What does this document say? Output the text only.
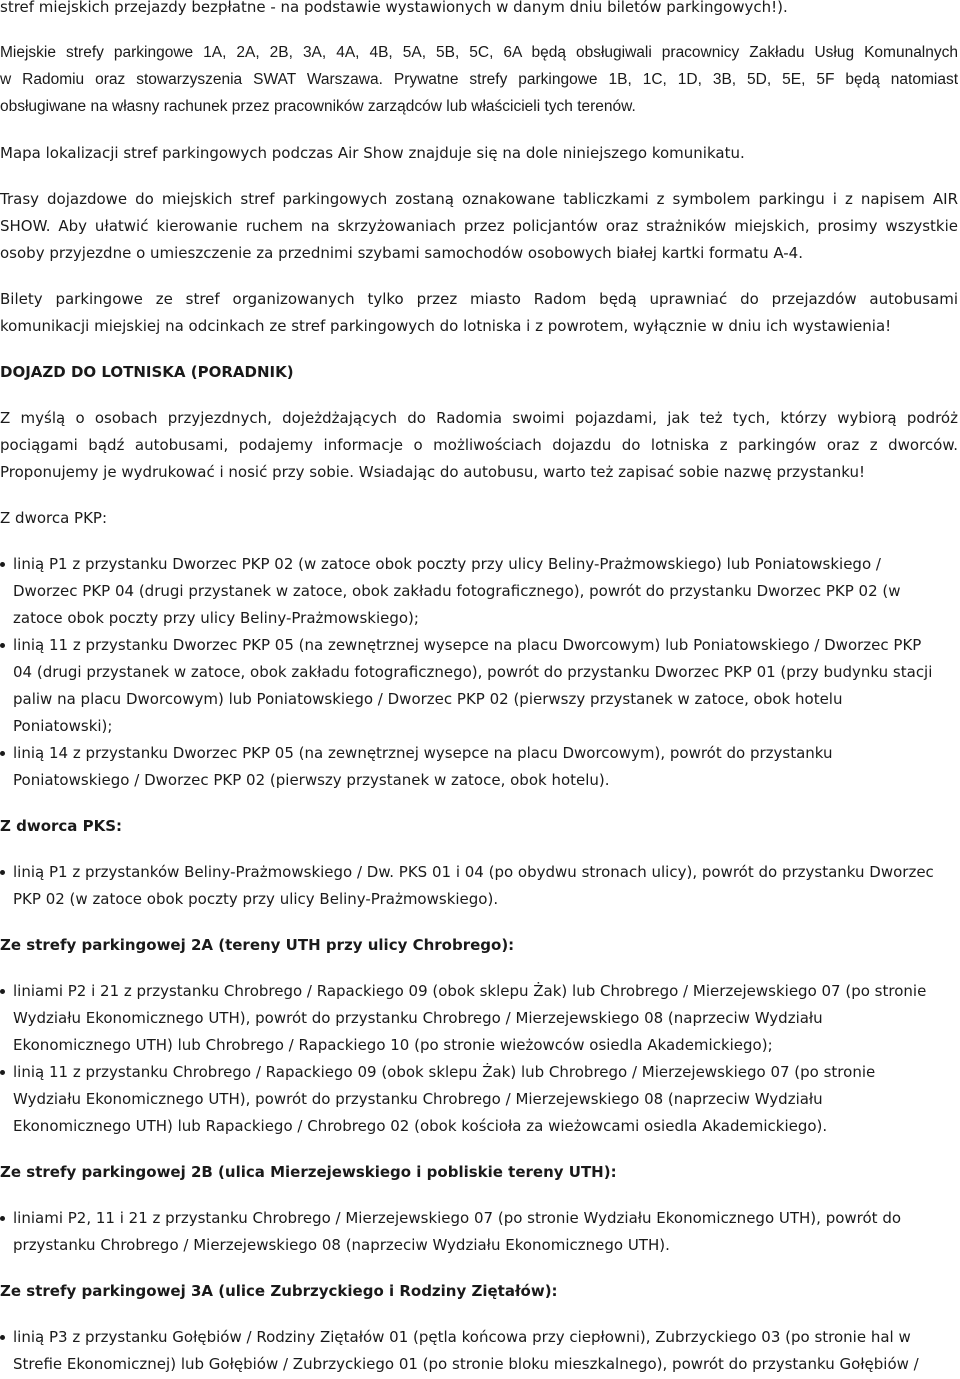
stref miejskich przejazdy bezpłatne - na podstawie wystawionych w danym dniu biletów parkingowych!).
Miejskie strefy parkingowe 1A, 2A, 2B, 3A, 4A, 4B, 5A, 5B, 5C, 6A będą obsługiwali pracownicy Zakładu Usług Komunalnych
w Radomiu oraz stowarzyszenia SWAT Warszawa. Prywatne strefy parkingowe 1B, 1C, 1D, 3B, 5D, 5E, 5F będą natomiast
obsługiwane na własny rachunek przez pracowników zarządców lub właścicieli tych terenów.
Mapa lokalizacji stref parkingowych podczas Air Show znajduje się na dole niniejszego komunikatu.
Trasy dojazdowe do miejskich stref parkingowych zostaną oznakowane tabliczkami z symbolem parkingu i z napisem AIR
SHOW. Aby ułatwić kierowanie ruchem na skrzyżowaniach przez policjantów oraz strażników miejskich, prosimy wszystkie
osoby przyjezdne o umieszczenie za przednimi szybami samochodów osobowych białej kartki formatu A-4.
Bilety parkingowe ze stref organizowanych tylko przez miasto Radom będą uprawniać do przejazdów autobusami
komunikacji miejskiej na odcinkach ze stref parkingowych do lotniska i z powrotem, wyłącznie w dniu ich wystawienia!
DOJAZD DO LOTNISKA (PORADNIK)
Z myślą o osobach przyjezdnych, dojeżdżających do Radomia swoimi pojazdami, jak też tych, którzy wybiorą podróż
pociągami bądź autobusami, podajemy informacje o możliwościach dojazdu do lotniska z parkingów oraz z dworców.
Proponujemy je wydrukować i nosić przy sobie. Wsiadając do autobusu, warto też zapisać sobie nazwę przystanku!
Z dworca PKP:
linią P1 z przystanku Dworzec PKP 02 (w zatoce obok poczty przy ulicy Beliny-Prażmowskiego) lub Poniatowskiego /
Dworzec PKP 04 (drugi przystanek w zatoce, obok zakładu fotograficznego), powrót do przystanku Dworzec PKP 02 (w
zatoce obok poczty przy ulicy Beliny-Prażmowskiego);
linią 11 z przystanku Dworzec PKP 05 (na zewnętrznej wysepce na placu Dworcowym) lub Poniatowskiego / Dworzec PKP
04 (drugi przystanek w zatoce, obok zakładu fotograficznego), powrót do przystanku Dworzec PKP 01 (przy budynku stacji
paliw na placu Dworcowym) lub Poniatowskiego / Dworzec PKP 02 (pierwszy przystanek w zatoce, obok hotelu
Poniatowski);
linią 14 z przystanku Dworzec PKP 05 (na zewnętrznej wysepce na placu Dworcowym), powrót do przystanku
Poniatowskiego / Dworzec PKP 02 (pierwszy przystanek w zatoce, obok hotelu).
Z dworca PKS:
linią P1 z przystanków Beliny-Prażmowskiego / Dw. PKS 01 i 04 (po obydwu stronach ulicy), powrót do przystanku Dworzec
PKP 02 (w zatoce obok poczty przy ulicy Beliny-Prażmowskiego).
Ze strefy parkingowej 2A (tereny UTH przy ulicy Chrobrego):
liniami P2 i 21 z przystanku Chrobrego / Rapackiego 09 (obok sklepu Żak) lub Chrobrego / Mierzejewskiego 07 (po stronie
Wydziału Ekonomicznego UTH), powrót do przystanku Chrobrego / Mierzejewskiego 08 (naprzeciw Wydziału
Ekonomicznego UTH) lub Chrobrego / Rapackiego 10 (po stronie wieżowców osiedla Akademickiego);
linią 11 z przystanku Chrobrego / Rapackiego 09 (obok sklepu Żak) lub Chrobrego / Mierzejewskiego 07 (po stronie
Wydziału Ekonomicznego UTH), powrót do przystanku Chrobrego / Mierzejewskiego 08 (naprzeciw Wydziału
Ekonomicznego UTH) lub Rapackiego / Chrobrego 02 (obok kościoła za wieżowcami osiedla Akademickiego).
Ze strefy parkingowej 2B (ulica Mierzejewskiego i pobliskie tereny UTH):
liniami P2, 11 i 21 z przystanku Chrobrego / Mierzejewskiego 07 (po stronie Wydziału Ekonomicznego UTH), powrót do
przystanku Chrobrego / Mierzejewskiego 08 (naprzeciw Wydziału Ekonomicznego UTH).
Ze strefy parkingowej 3A (ulice Zubrzyckiego i Rodziny Ziętałów):
linią P3 z przystanku Gołębiów / Rodziny Ziętałów 01 (pętla końcowa przy ciepłowni), Zubrzyckiego 03 (po stronie hal w
Strefie Ekonomicznej) lub Gołębiów / Zubrzyckiego 01 (po stronie bloku mieszkalnego), powrót do przystanku Gołębiów /
